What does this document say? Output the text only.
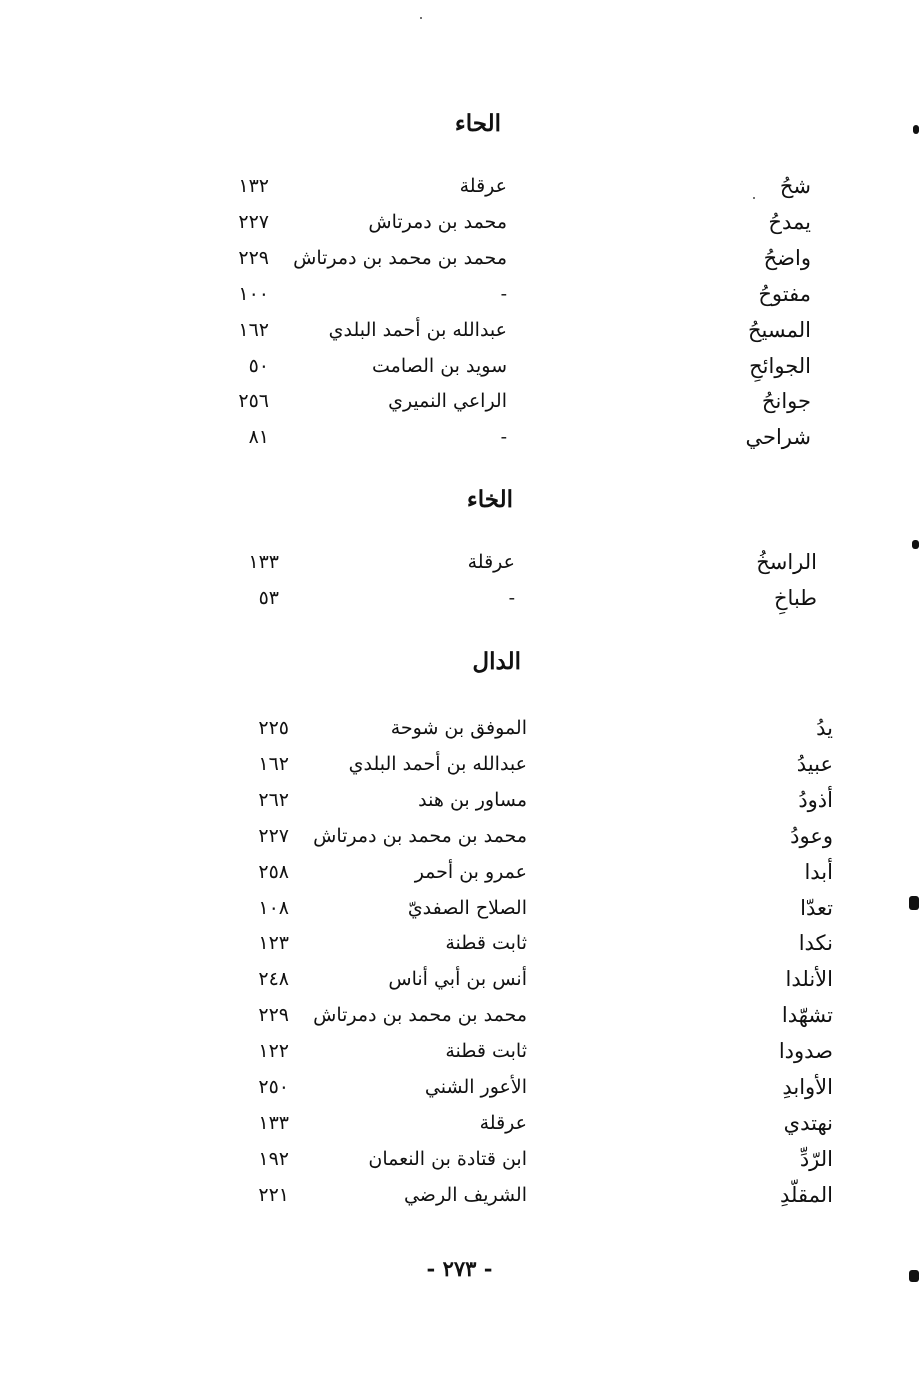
الحاء
شحُ
عرقلة
١٣٢
يمدحُ
محمد بن دمرتاش
٢٢٧
واضحُ
محمد بن محمد بن دمرتاش
٢٢٩
مفتوحُ
-
١٠٠
المسيحُ
عبدالله بن أحمد البلدي
١٦٢
الجوائحِ
سويد بن الصامت
٥٠
جوانحُ
الراعي النميري
٢٥٦
شراحي
-
٨١
الخاء
الراسخُ
عرقلة
١٣٣
طباخِ
-
٥٣
الدال
يدُ
الموفق بن شوحة
٢٢٥
عبيدُ
عبدالله بن أحمد البلدي
١٦٢
أذودُ
مساور بن هند
٢٦٢
وعودُ
محمد بن محمد بن دمرتاش
٢٢٧
أبدا
عمرو بن أحمر
٢٥٨
تعدّا
الصلاح الصفديّ
١٠٨
نكدا
ثابت قطنة
١٢٣
الأنلدا
أنس بن أبي أناس
٢٤٨
تشهّدا
محمد بن محمد بن دمرتاش
٢٢٩
صدودا
ثابت قطنة
١٢٢
الأوابدِ
الأعور الشني
٢٥٠
نهتدي
عرقلة
١٣٣
الرّدِّ
ابن قتادة بن النعمان
١٩٢
المقلّدِ
الشريف الرضي
٢٢١
- ٢٧٣ -
